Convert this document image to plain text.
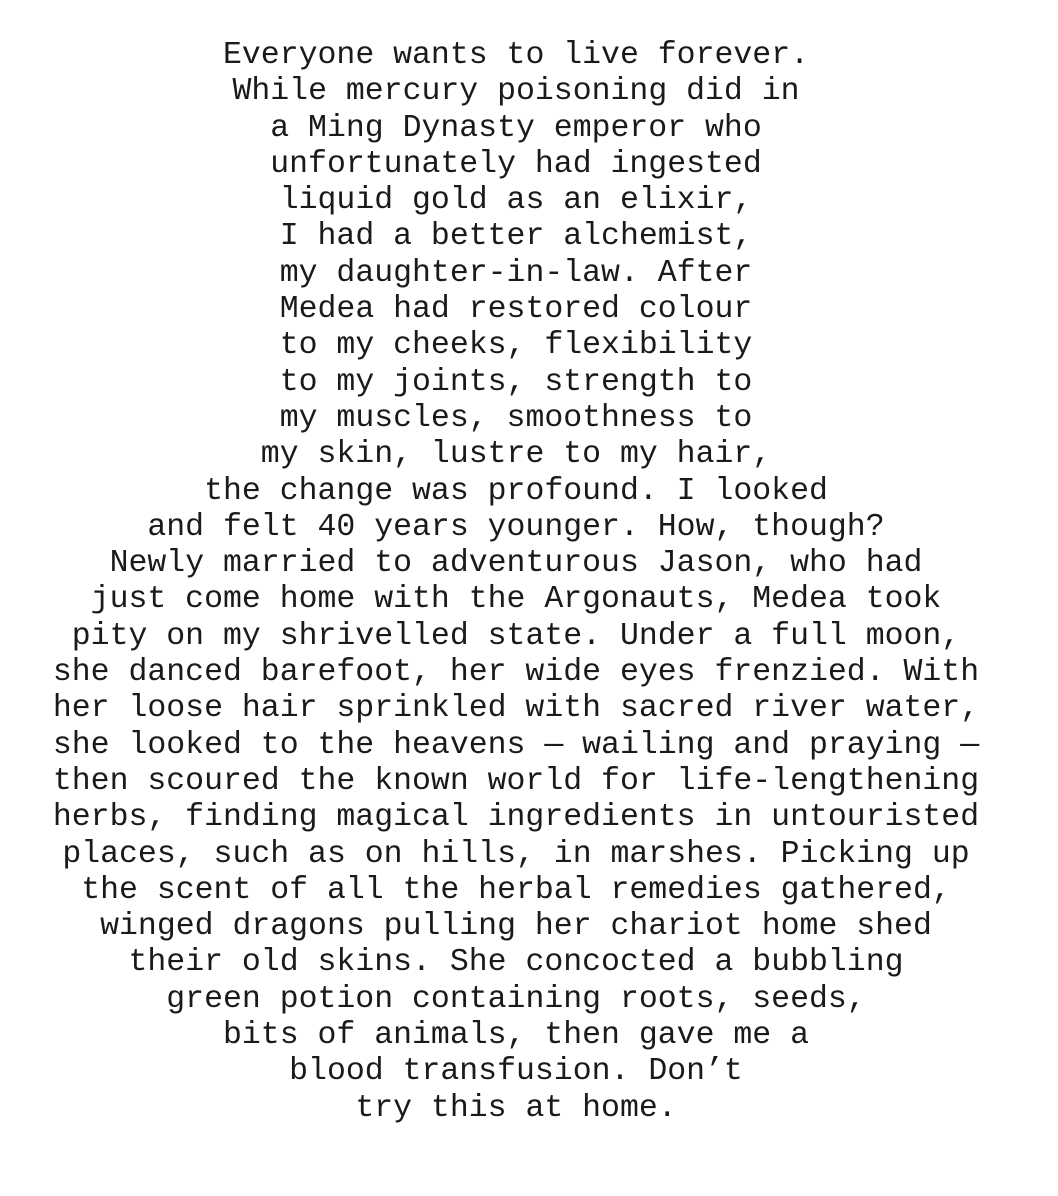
Everyone wants to live forever.
While mercury poisoning did in
a Ming Dynasty emperor who
unfortunately had ingested
liquid gold as an elixir,
I had a better alchemist,
my daughter-in-law. After
Medea had restored colour
to my cheeks, flexibility
to my joints, strength to
my muscles, smoothness to
my skin, lustre to my hair,
the change was profound. I looked
and felt 40 years younger. How, though?
Newly married to adventurous Jason, who had
just come home with the Argonauts, Medea took
pity on my shrivelled state. Under a full moon,
she danced barefoot, her wide eyes frenzied. With
her loose hair sprinkled with sacred river water,
she looked to the heavens — wailing and praying —
then scoured the known world for life-lengthening
herbs, finding magical ingredients in untouristed
places, such as on hills, in marshes. Picking up
the scent of all the herbal remedies gathered,
winged dragons pulling her chariot home shed
their old skins. She concocted a bubbling
green potion containing roots, seeds,
bits of animals, then gave me a
blood transfusion. Don’t
try this at home.
